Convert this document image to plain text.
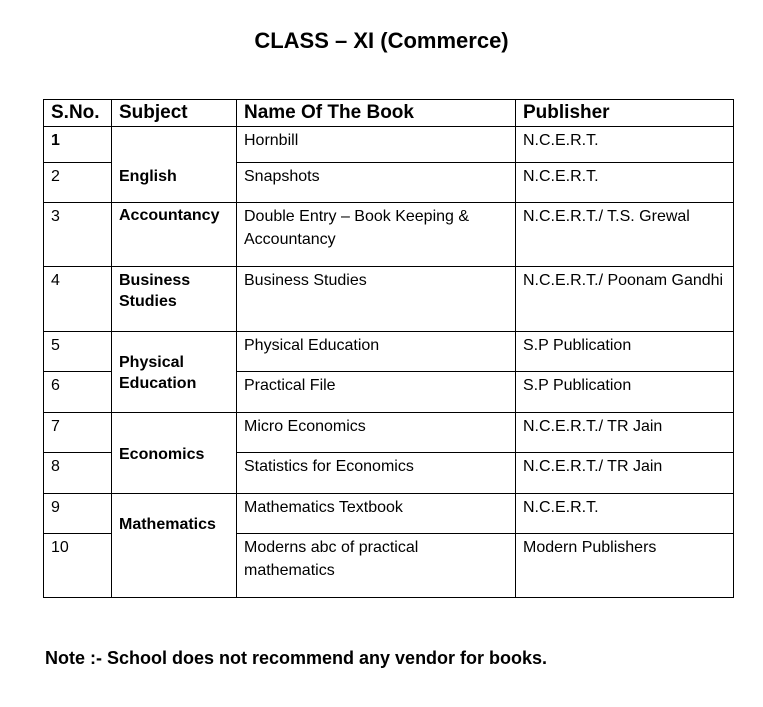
CLASS – XI (Commerce)
S.No.	Subject	Name Of The Book	Publisher
1	English	Hornbill	N.C.E.R.T.
2		Snapshots	N.C.E.R.T.
3	Accountancy	Double Entry – Book Keeping & Accountancy	N.C.E.R.T./ T.S. Grewal
4	Business Studies	Business Studies	N.C.E.R.T./ Poonam Gandhi
5	Physical Education	Physical Education	S.P Publication
6		Practical File	S.P Publication
7	Economics	Micro Economics	N.C.E.R.T./ TR Jain
8		Statistics for Economics	N.C.E.R.T./ TR Jain
9	Mathematics	Mathematics Textbook	N.C.E.R.T.
10		Moderns abc of practical mathematics	Modern Publishers
Note :- School does not recommend any vendor for books.
